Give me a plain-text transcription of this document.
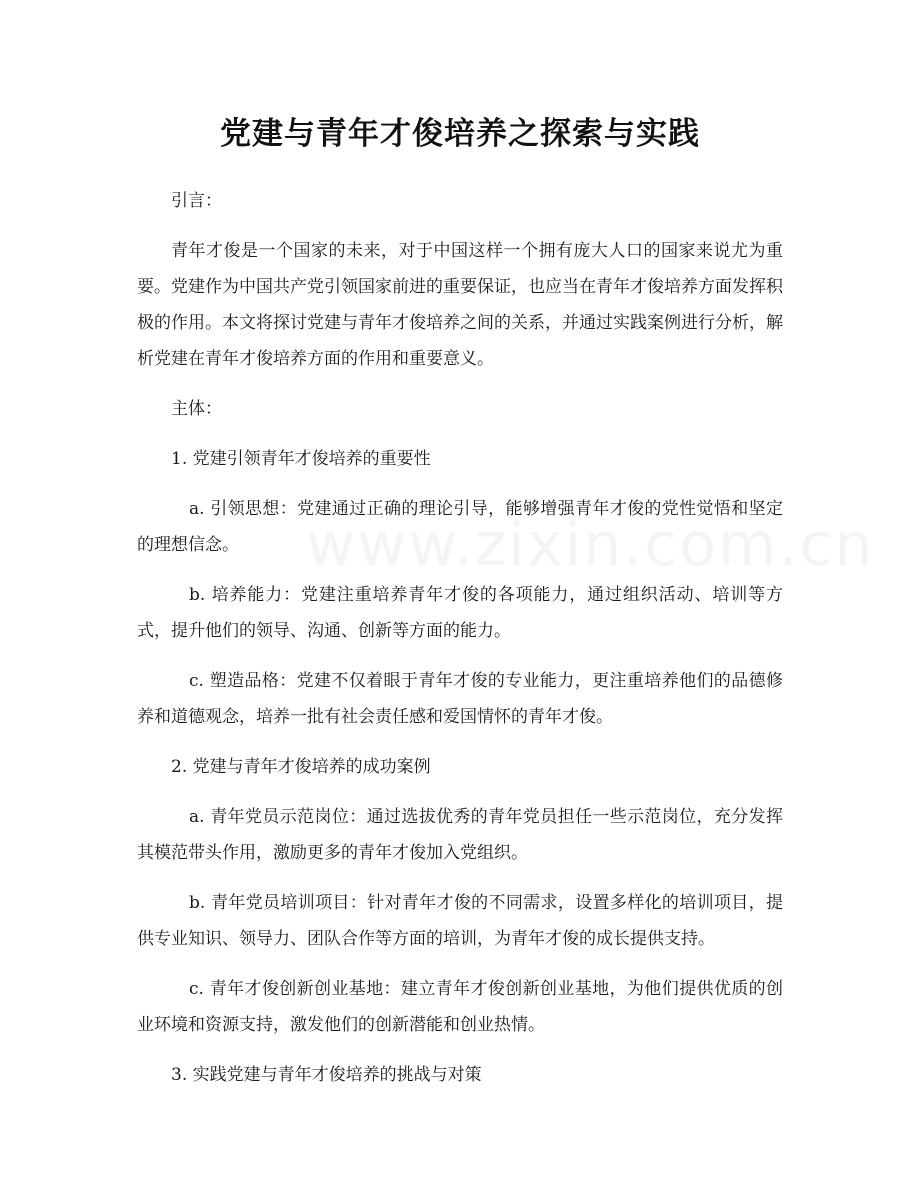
党建与青年才俊培养之探索与实践

引言：

青年才俊是一个国家的未来，对于中国这样一个拥有庞大人口的国家来说尤为重要。党建作为中国共产党引领国家前进的重要保证，也应当在青年才俊培养方面发挥积极的作用。本文将探讨党建与青年才俊培养之间的关系，并通过实践案例进行分析，解析党建在青年才俊培养方面的作用和重要意义。

主体：

1. 党建引领青年才俊培养的重要性

a. 引领思想：党建通过正确的理论引导，能够增强青年才俊的党性觉悟和坚定的理想信念。

b. 培养能力：党建注重培养青年才俊的各项能力，通过组织活动、培训等方式，提升他们的领导、沟通、创新等方面的能力。

c. 塑造品格：党建不仅着眼于青年才俊的专业能力，更注重培养他们的品德修养和道德观念，培养一批有社会责任感和爱国情怀的青年才俊。

2. 党建与青年才俊培养的成功案例

a. 青年党员示范岗位：通过选拔优秀的青年党员担任一些示范岗位，充分发挥其模范带头作用，激励更多的青年才俊加入党组织。

b. 青年党员培训项目：针对青年才俊的不同需求，设置多样化的培训项目，提供专业知识、领导力、团队合作等方面的培训，为青年才俊的成长提供支持。

c. 青年才俊创新创业基地：建立青年才俊创新创业基地，为他们提供优质的创业环境和资源支持，激发他们的创新潜能和创业热情。

3. 实践党建与青年才俊培养的挑战与对策
